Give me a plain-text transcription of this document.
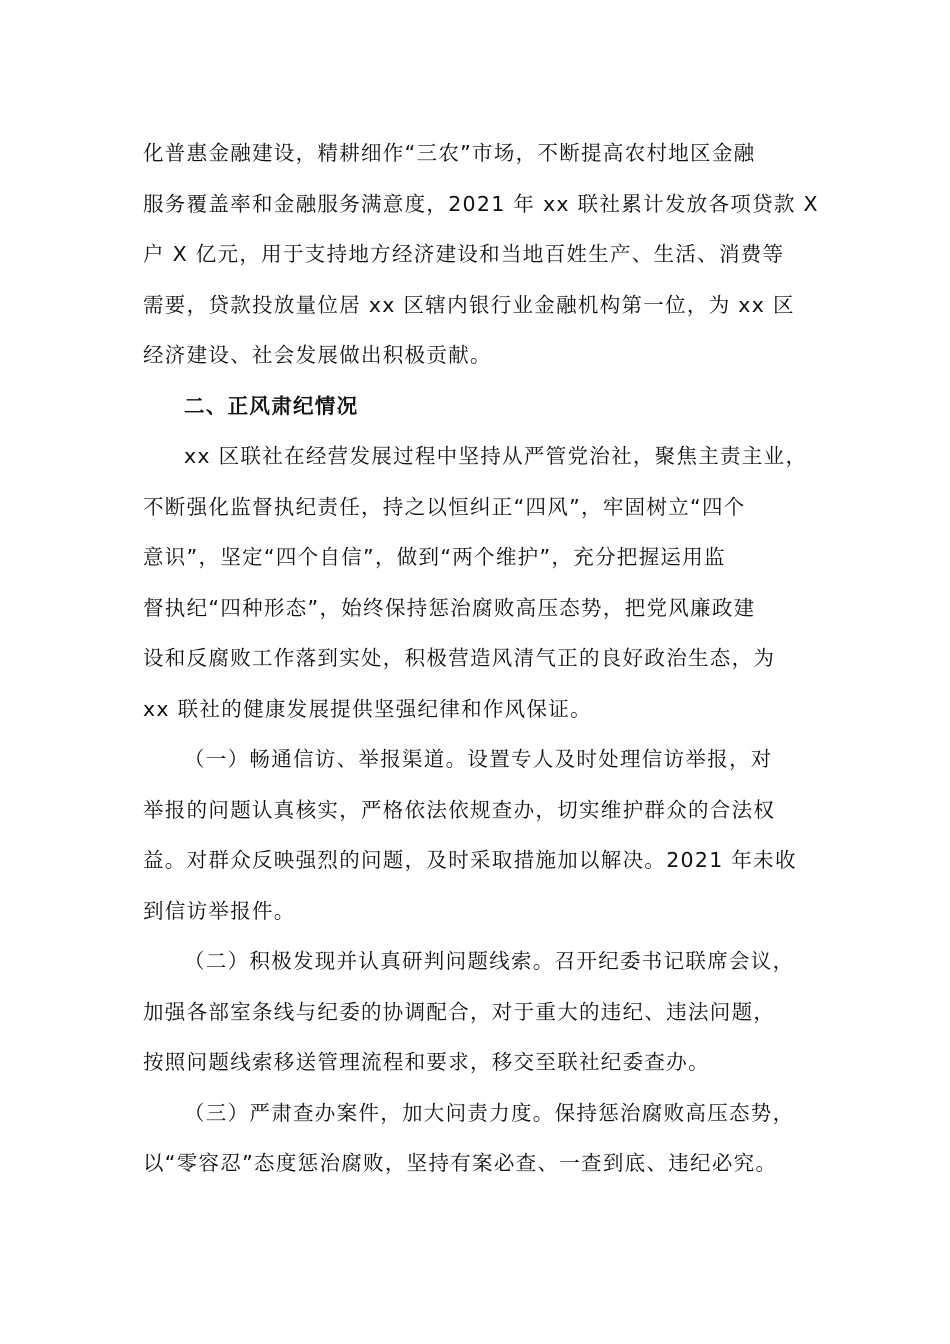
化普惠金融建设，精耕细作“三农”市场，不断提高农村地区金融
服务覆盖率和金融服务满意度，2021 年 xx 联社累计发放各项贷款 X
户 X 亿元，用于支持地方经济建设和当地百姓生产、生活、消费等
需要，贷款投放量位居 xx 区辖内银行业金融机构第一位，为 xx 区
经济建设、社会发展做出积极贡献。

二、正风肃纪情况

xx 区联社在经营发展过程中坚持从严管党治社，聚焦主责主业，
不断强化监督执纪责任，持之以恒纠正“四风”，牢固树立“四个
意识”，坚定“四个自信”，做到“两个维护”，充分把握运用监
督执纪“四种形态”，始终保持惩治腐败高压态势，把党风廉政建
设和反腐败工作落到实处，积极营造风清气正的良好政治生态，为
xx 联社的健康发展提供坚强纪律和作风保证。

（一）畅通信访、举报渠道。设置专人及时处理信访举报，对
举报的问题认真核实，严格依法依规查办，切实维护群众的合法权
益。对群众反映强烈的问题，及时采取措施加以解决。2021 年未收
到信访举报件。

（二）积极发现并认真研判问题线索。召开纪委书记联席会议，
加强各部室条线与纪委的协调配合，对于重大的违纪、违法问题，
按照问题线索移送管理流程和要求，移交至联社纪委查办。

（三）严肃查办案件，加大问责力度。保持惩治腐败高压态势，
以“零容忍”态度惩治腐败，坚持有案必查、一查到底、违纪必究。
